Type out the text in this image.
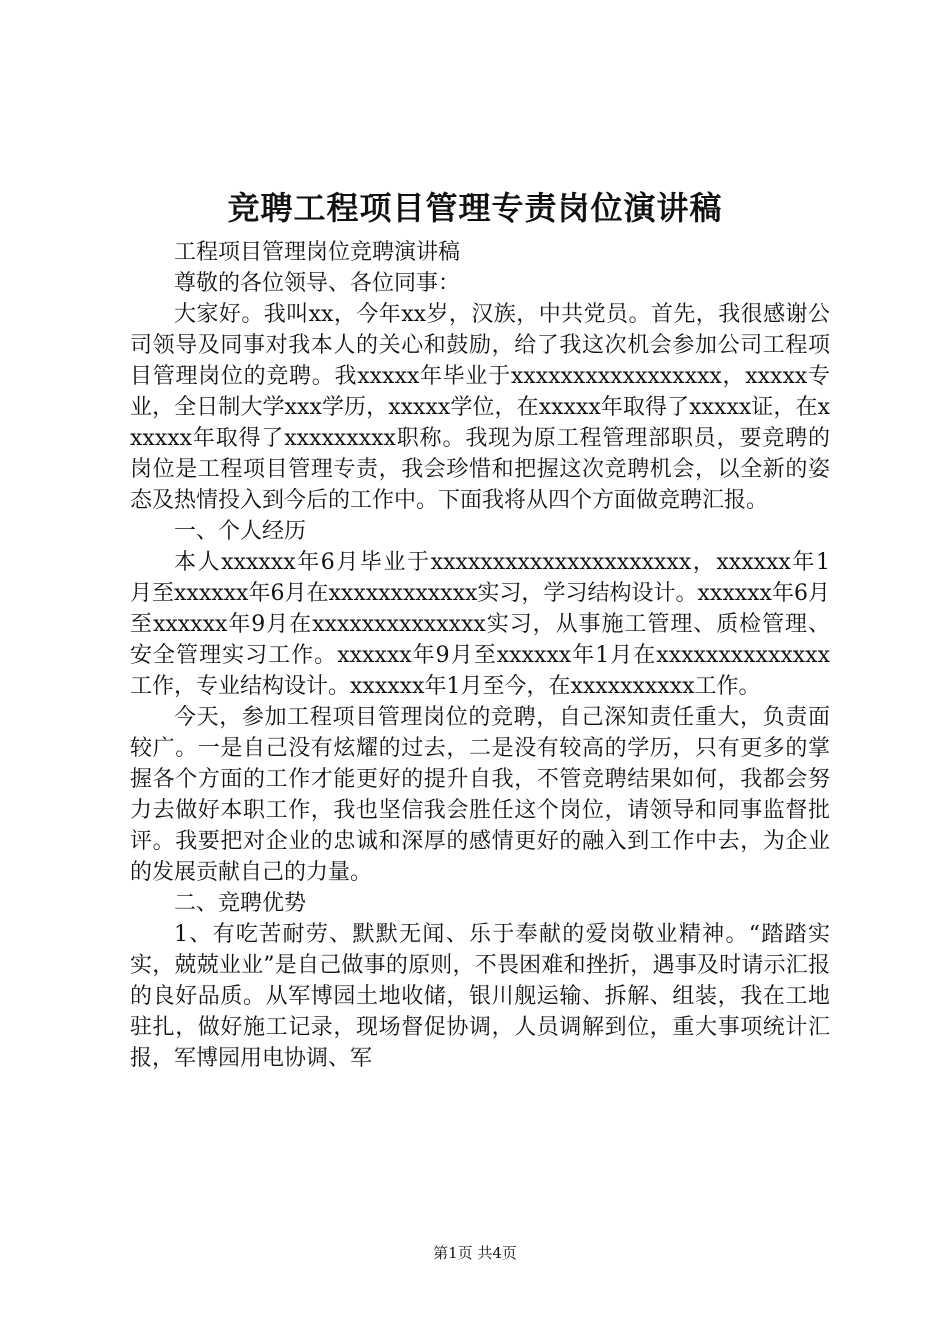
竞聘工程项目管理专责岗位演讲稿

工程项目管理岗位竞聘演讲稿

尊敬的各位领导、各位同事：

大家好。我叫xx，今年xx岁，汉族，中共党员。首先，我很感谢公司领导及同事对我本人的关心和鼓励，给了我这次机会参加公司工程项目管理岗位的竞聘。我xxxxx年毕业于xxxxxxxxxxxxxxxxx，xxxxx专业，全日制大学xxx学历，xxxxx学位，在xxxxx年取得了xxxxx证，在xxxxxx年取得了xxxxxxxxx职称。我现为原工程管理部职员，要竞聘的岗位是工程项目管理专责，我会珍惜和把握这次竞聘机会，以全新的姿态及热情投入到今后的工作中。下面我将从四个方面做竞聘汇报。

一、个人经历

本人xxxxxx年6月毕业于xxxxxxxxxxxxxxxxxxxxx，xxxxxx年1月至xxxxxx年6月在xxxxxxxxxxxx实习，学习结构设计。xxxxxx年6月至xxxxxx年9月在xxxxxxxxxxxxxx实习，从事施工管理、质检管理、安全管理实习工作。xxxxxx年9月至xxxxxx年1月在xxxxxxxxxxxxxx工作，专业结构设计。xxxxxx年1月至今，在xxxxxxxxxx工作。

今天，参加工程项目管理岗位的竞聘，自己深知责任重大，负责面较广。一是自己没有炫耀的过去，二是没有较高的学历，只有更多的掌握各个方面的工作才能更好的提升自我，不管竞聘结果如何，我都会努力去做好本职工作，我也坚信我会胜任这个岗位，请领导和同事监督批评。我要把对企业的忠诚和深厚的感情更好的融入到工作中去，为企业的发展贡献自己的力量。

二、竞聘优势

1、有吃苦耐劳、默默无闻、乐于奉献的爱岗敬业精神。“踏踏实实，兢兢业业”是自己做事的原则，不畏困难和挫折，遇事及时请示汇报的良好品质。从军博园土地收储，银川舰运输、拆解、组装，我在工地驻扎，做好施工记录，现场督促协调，人员调解到位，重大事项统计汇报，军博园用电协调、军

第1页 共4页
